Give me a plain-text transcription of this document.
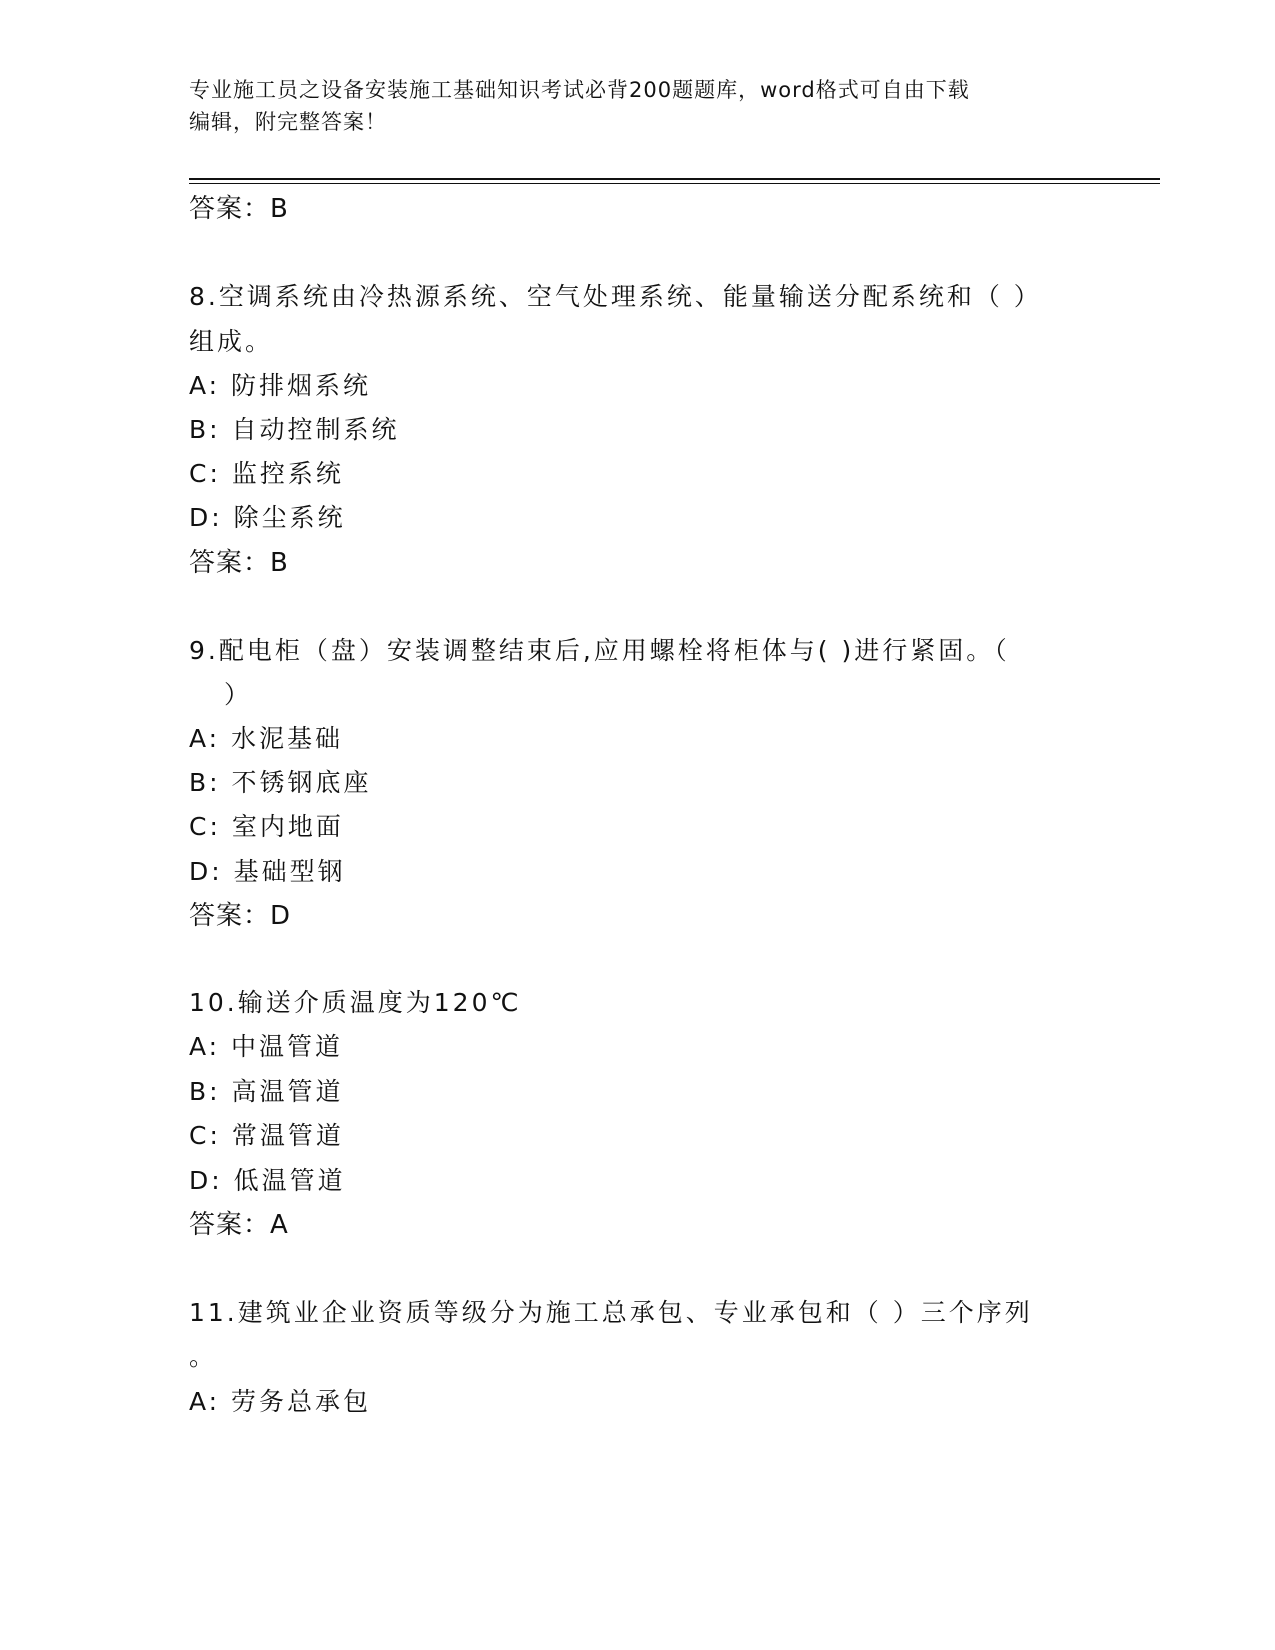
专业施工员之设备安装施工基础知识考试必背200题题库，word格式可自由下载
编辑，附完整答案！
答案：B
8.空调系统由冷热源系统、空气处理系统、能量输送分配系统和（ ）
组成。
A: 防排烟系统
B: 自动控制系统
C: 监控系统
D: 除尘系统
答案：B
9.配电柜（盘）安装调整结束后,应用螺栓将柜体与( )进行紧固。（
）
A: 水泥基础
B: 不锈钢底座
C: 室内地面
D: 基础型钢
答案：D
10.输送介质温度为120℃
A: 中温管道
B: 高温管道
C: 常温管道
D: 低温管道
答案：A
11.建筑业企业资质等级分为施工总承包、专业承包和（ ）三个序列
。
A: 劳务总承包
